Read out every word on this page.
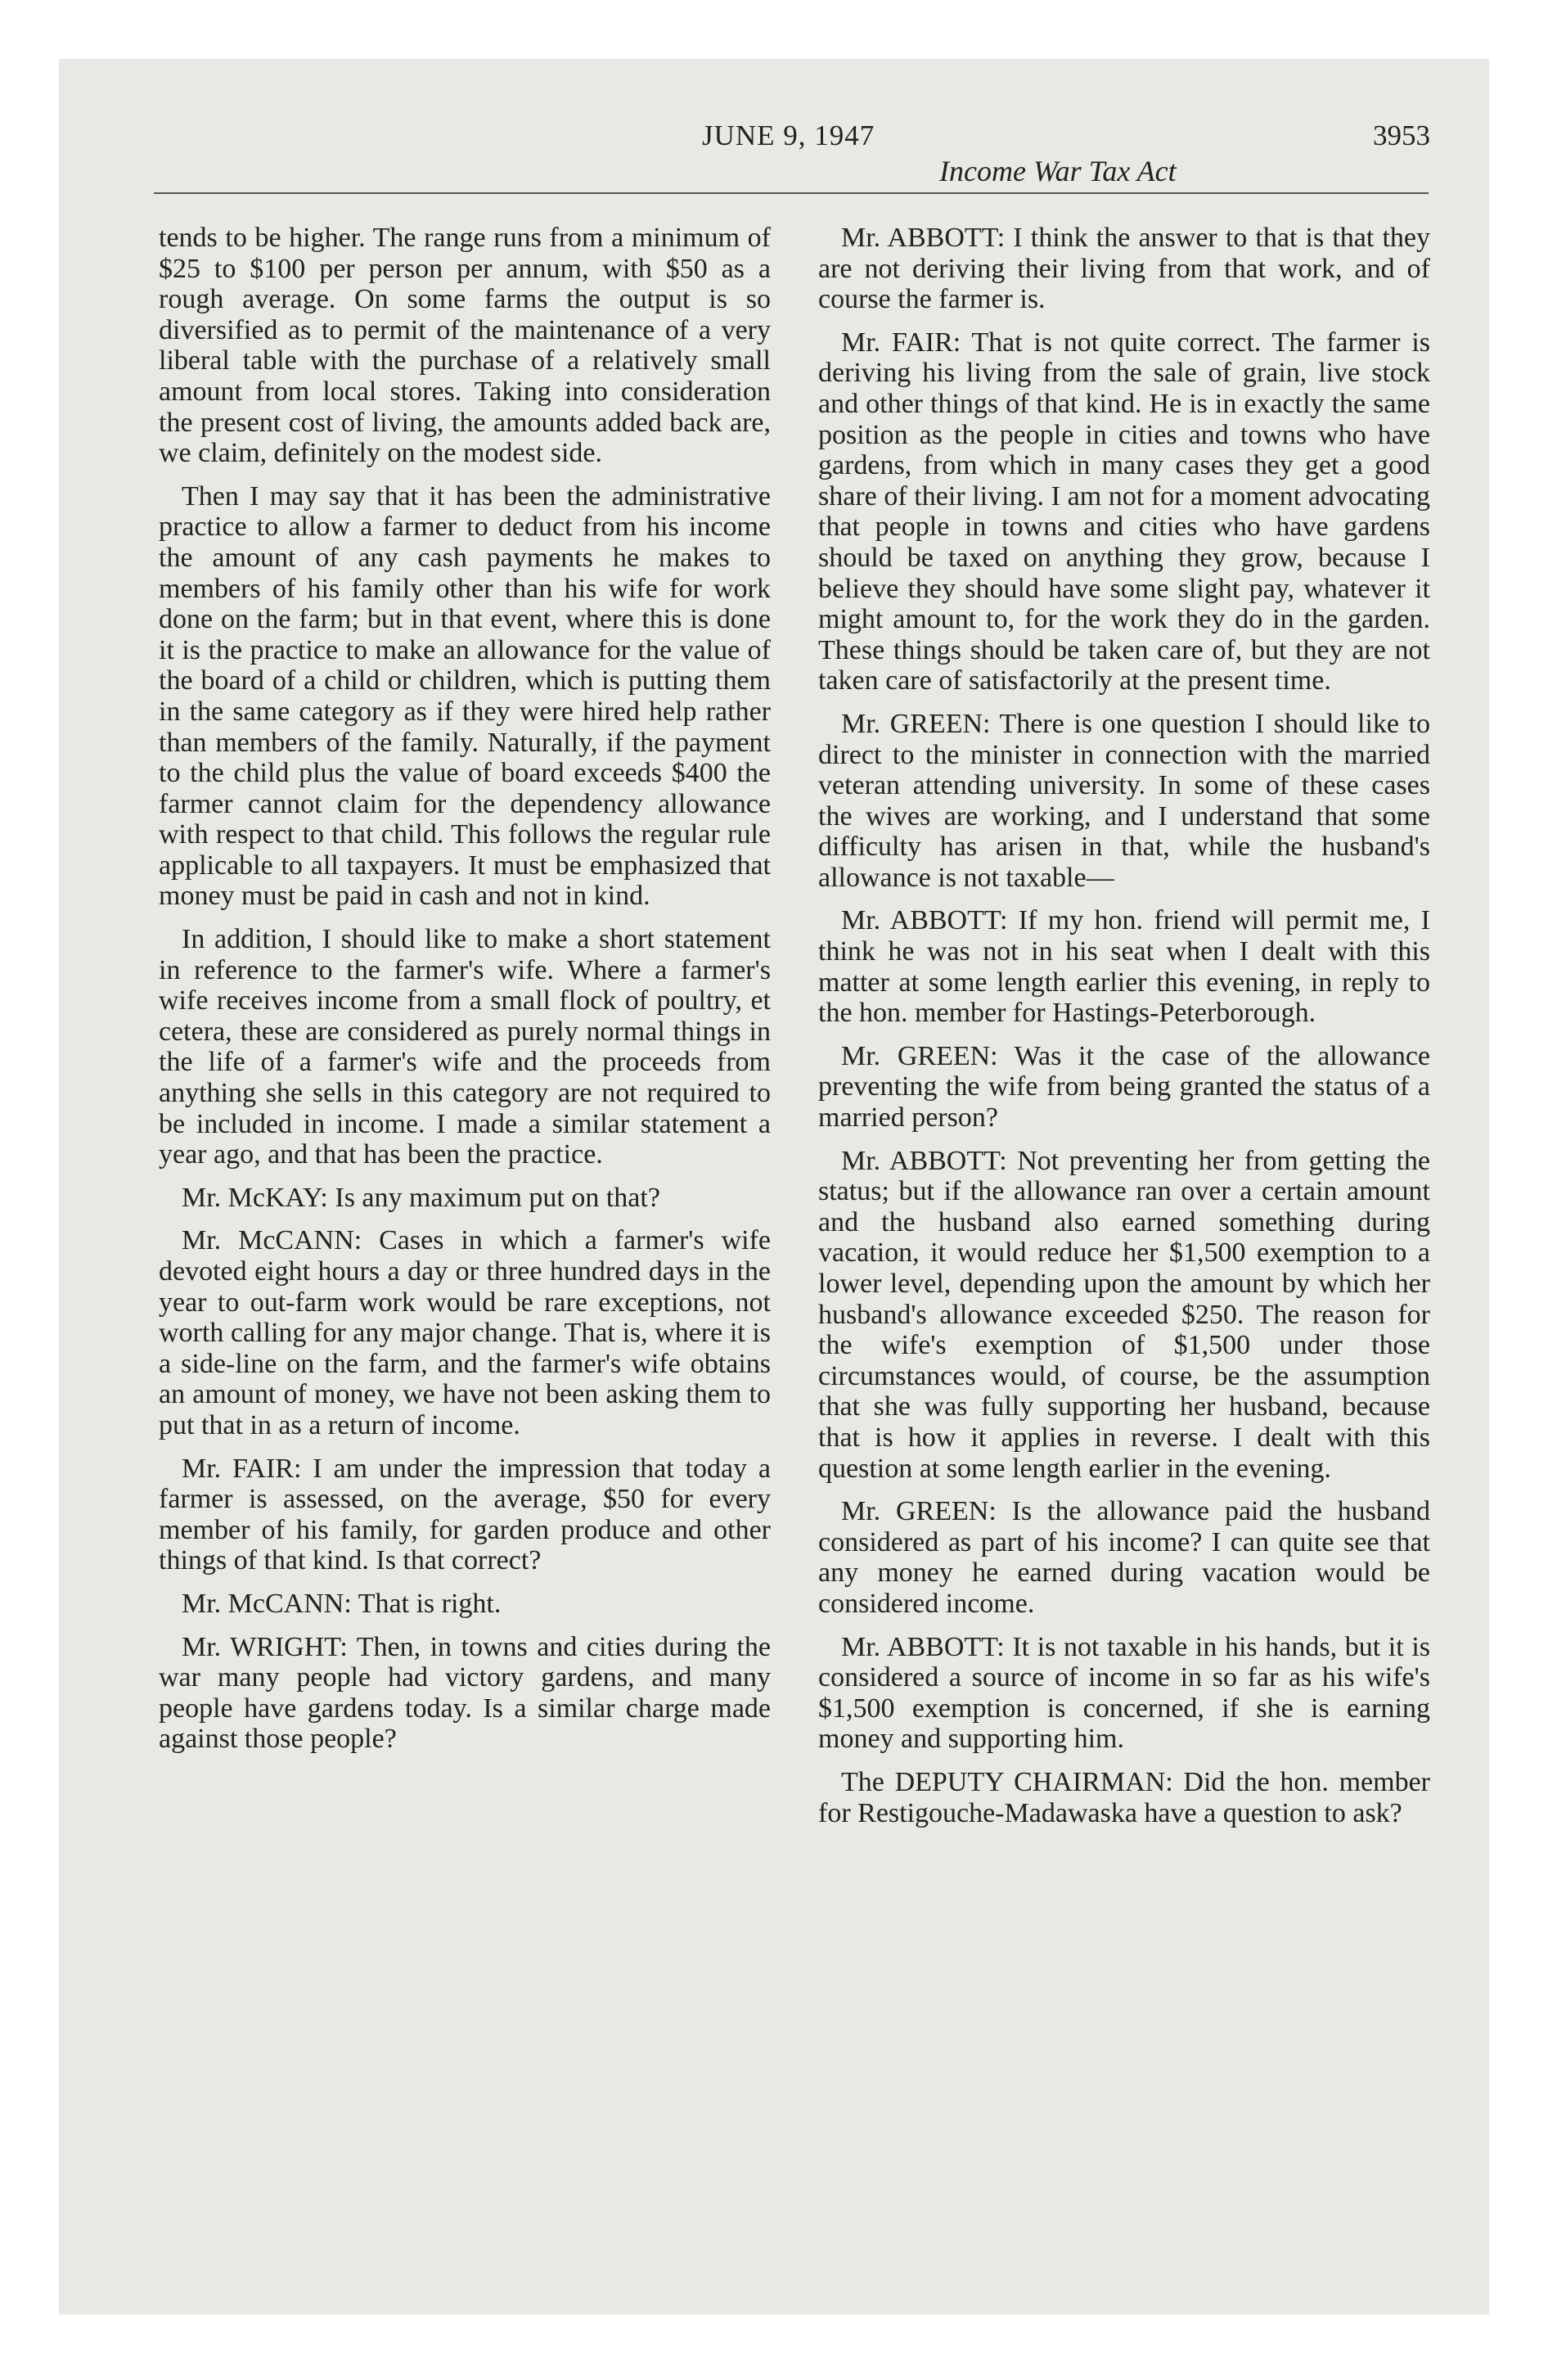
JUNE 9, 1947	3953
Income War Tax Act

tends to be higher. The range runs from a minimum of $25 to $100 per person per annum, with $50 as a rough average. On some farms the output is so diversified as to permit of the maintenance of a very liberal table with the purchase of a relatively small amount from local stores. Taking into consideration the present cost of living, the amounts added back are, we claim, definitely on the modest side.

Then I may say that it has been the administrative practice to allow a farmer to deduct from his income the amount of any cash payments he makes to members of his family other than his wife for work done on the farm; but in that event, where this is done it is the practice to make an allowance for the value of the board of a child or children, which is putting them in the same category as if they were hired help rather than members of the family. Naturally, if the payment to the child plus the value of board exceeds $400 the farmer cannot claim for the dependency allowance with respect to that child. This follows the regular rule applicable to all taxpayers. It must be emphasized that money must be paid in cash and not in kind.

In addition, I should like to make a short statement in reference to the farmer's wife. Where a farmer's wife receives income from a small flock of poultry, et cetera, these are considered as purely normal things in the life of a farmer's wife and the proceeds from anything she sells in this category are not required to be included in income. I made a similar statement a year ago, and that has been the practice.

Mr. McKAY: Is any maximum put on that?

Mr. McCANN: Cases in which a farmer's wife devoted eight hours a day or three hundred days in the year to out-farm work would be rare exceptions, not worth calling for any major change. That is, where it is a side-line on the farm, and the farmer's wife obtains an amount of money, we have not been asking them to put that in as a return of income.

Mr. FAIR: I am under the impression that today a farmer is assessed, on the average, $50 for every member of his family, for garden produce and other things of that kind. Is that correct?

Mr. McCANN: That is right.

Mr. WRIGHT: Then, in towns and cities during the war many people had victory gardens, and many people have gardens today. Is a similar charge made against those people?

Mr. ABBOTT: I think the answer to that is that they are not deriving their living from that work, and of course the farmer is.

Mr. FAIR: That is not quite correct. The farmer is deriving his living from the sale of grain, live stock and other things of that kind. He is in exactly the same position as the people in cities and towns who have gardens, from which in many cases they get a good share of their living. I am not for a moment advocating that people in towns and cities who have gardens should be taxed on anything they grow, because I believe they should have some slight pay, whatever it might amount to, for the work they do in the garden. These things should be taken care of, but they are not taken care of satisfactorily at the present time.

Mr. GREEN: There is one question I should like to direct to the minister in connection with the married veteran attending university. In some of these cases the wives are working, and I understand that some difficulty has arisen in that, while the husband's allowance is not taxable—

Mr. ABBOTT: If my hon. friend will permit me, I think he was not in his seat when I dealt with this matter at some length earlier this evening, in reply to the hon. member for Hastings-Peterborough.

Mr. GREEN: Was it the case of the allowance preventing the wife from being granted the status of a married person?

Mr. ABBOTT: Not preventing her from getting the status; but if the allowance ran over a certain amount and the husband also earned something during vacation, it would reduce her $1,500 exemption to a lower level, depending upon the amount by which her husband's allowance exceeded $250. The reason for the wife's exemption of $1,500 under those circumstances would, of course, be the assumption that she was fully supporting her husband, because that is how it applies in reverse. I dealt with this question at some length earlier in the evening.

Mr. GREEN: Is the allowance paid the husband considered as part of his income? I can quite see that any money he earned during vacation would be considered income.

Mr. ABBOTT: It is not taxable in his hands, but it is considered a source of income in so far as his wife's $1,500 exemption is concerned, if she is earning money and supporting him.

The DEPUTY CHAIRMAN: Did the hon. member for Restigouche-Madawaska have a question to ask?
